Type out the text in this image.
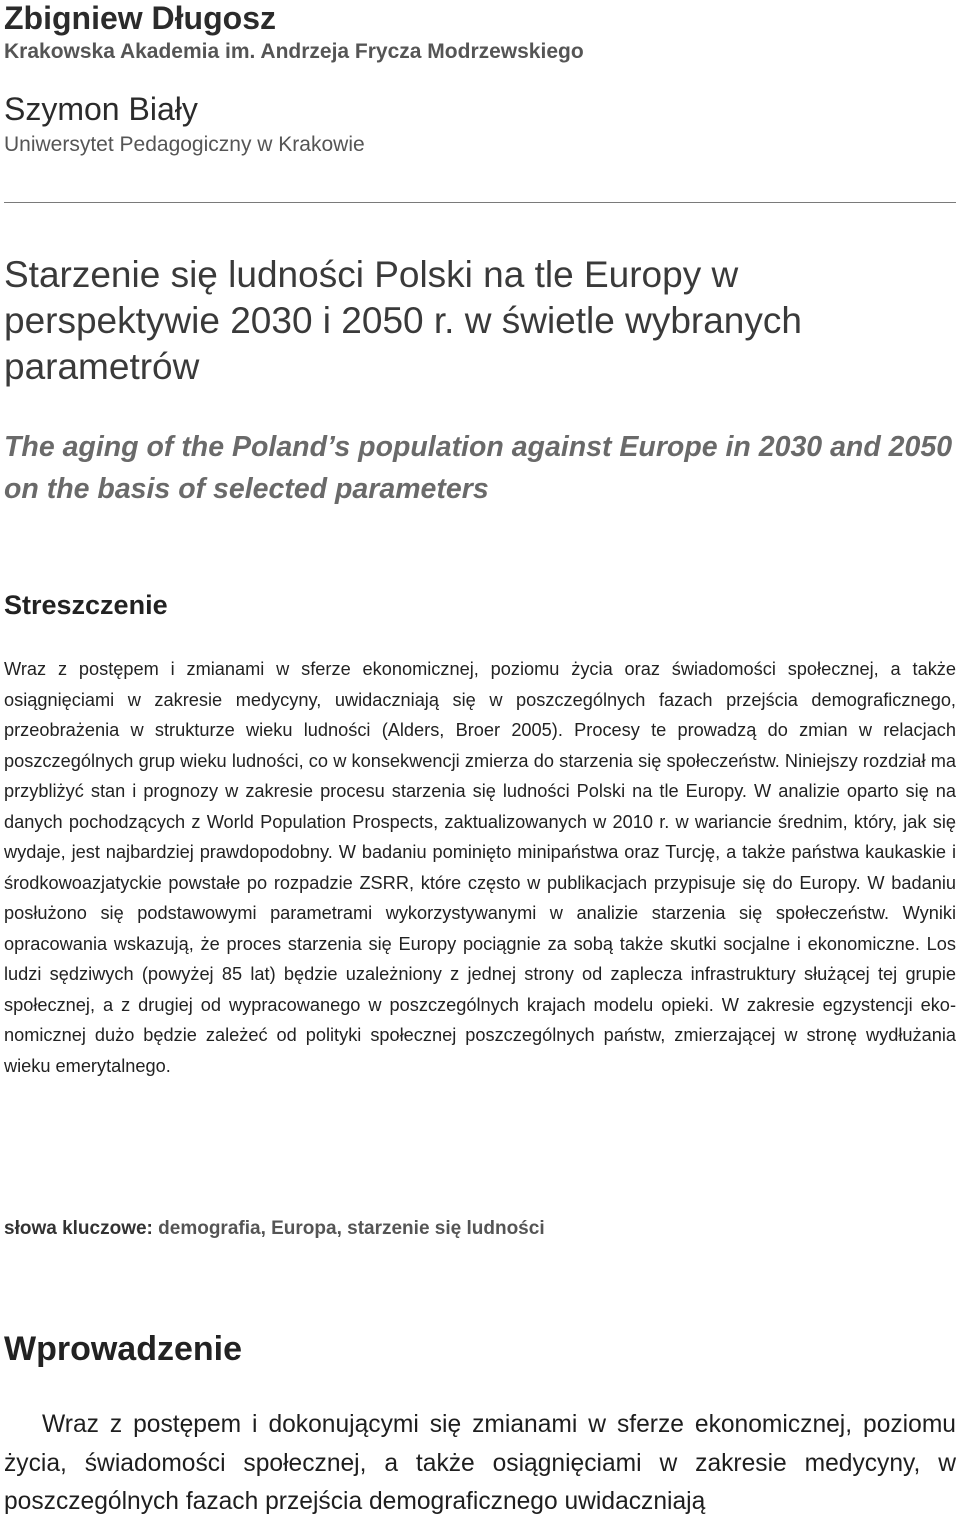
Zbigniew Długosz
Krakowska Akademia im. Andrzeja Frycza Modrzewskiego
Szymon Biały
Uniwersytet Pedagogiczny w Krakowie
Starzenie się ludności Polski na tle Europy w perspektywie 2030 i 2050 r. w świetle wybranych parametrów
The aging of the Poland’s population against Europe in 2030 and 2050 on the basis of selected parameters
Streszczenie

Wraz z postępem i zmianami w sferze ekonomicznej, poziomu życia oraz świadomości społecznej, a także osiągnięciami w zakresie medycyny, uwidaczniają się w poszczególnych fazach przejścia demograficznego, przeobrażenia w strukturze wieku ludności (Alders, Broer 2005). Procesy te prowadzą do zmian w relacjach poszczególnych grup wieku ludności, co w konsekwencji zmierza do starzenia się społeczeństw. Niniejszy rozdział ma przybliżyć stan i prognozy w zakresie procesu starzenia się ludności Polski na tle Europy. W analizie oparto się na danych pochodzących z World Population Prospects, zaktualizowanych w 2010 r. w wariancie średnim, który, jak się wydaje, jest najbardziej prawdopodobny. W badaniu pominięto minipaństwa oraz Turcję, a także państwa kaukaskie i środkowoazjatyckie powstałe po rozpadzie ZSRR, które często w publikacjach przypisuje się do Europy. W badaniu posłużono się podstawowymi parametrami wykorzystywanymi w analizie starzenia się społeczeństw. Wyniki opracowania wskazują, że proces starzenia się Europy pociągnie za sobą także skutki socjalne i ekonomiczne. Los ludzi sędziwych (powyżej 85 lat) będzie uzależniony z jednej strony od zaplecza infrastruktury służącej tej grupie społecznej, a z drugiej od wypracowanego w poszczególnych krajach modelu opieki. W zakresie egzystencji ekonomicznej dużo będzie zależeć od polityki społecznej poszczególnych państw, zmierzającej w stronę wydłużania wieku emerytalnego.

słowa kluczowe: demografia, Europa, starzenie się ludności

Wprowadzenie

Wraz z postępem i dokonującymi się zmianami w sferze ekonomicznej, poziomu życia, świadomości społecznej, a także osiągnięciami w zakresie medycyny, w poszczególnych fazach przejścia demograficznego uwidaczniają
